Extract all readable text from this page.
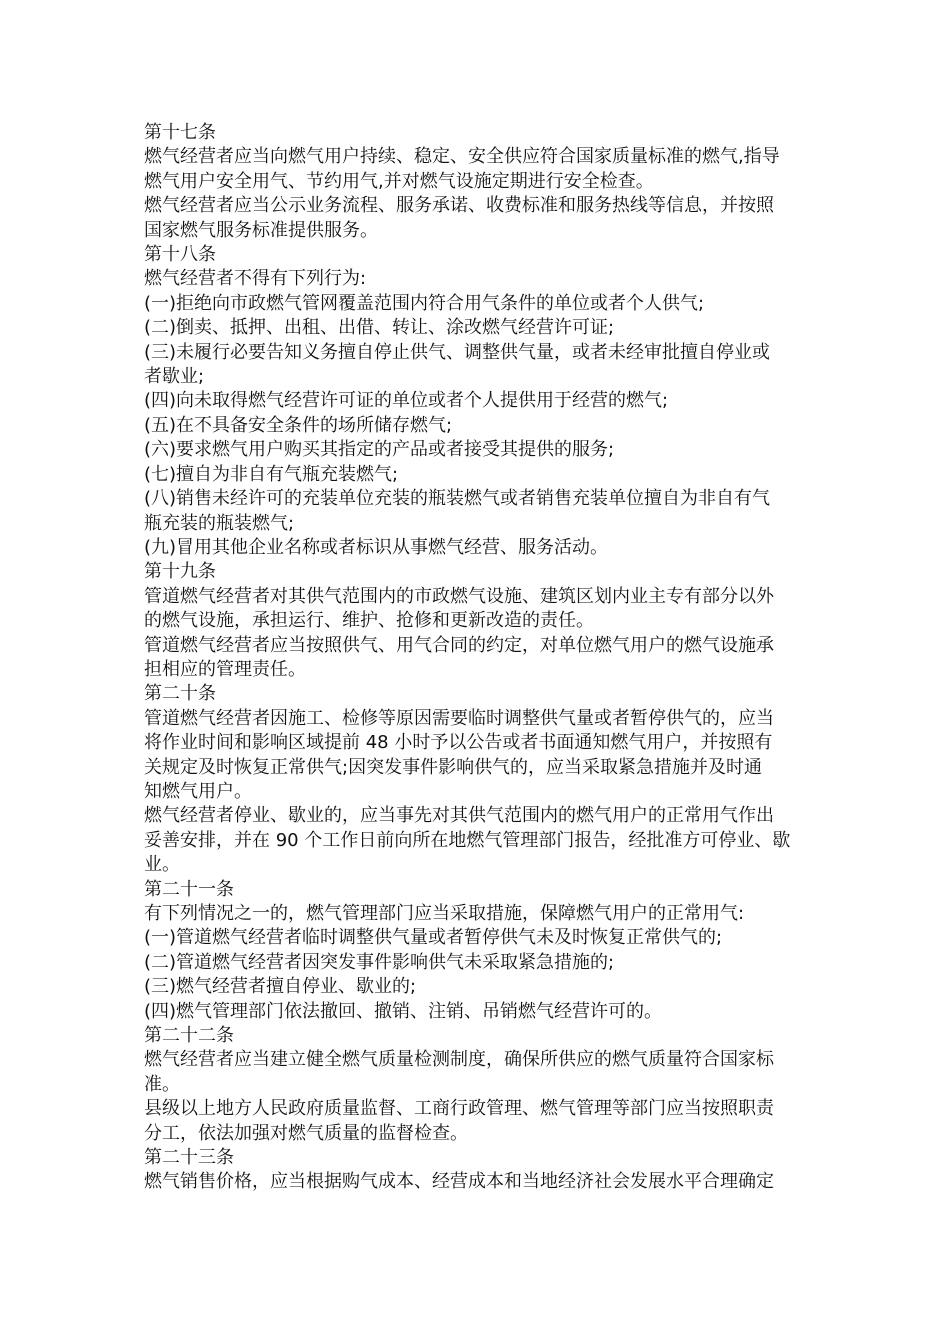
第十七条
燃气经营者应当向燃气用户持续、稳定、安全供应符合国家质量标准的燃气,指导
燃气用户安全用气、节约用气,并对燃气设施定期进行安全检查。
燃气经营者应当公示业务流程、服务承诺、收费标准和服务热线等信息，并按照
国家燃气服务标准提供服务。
第十八条
燃气经营者不得有下列行为:
(一)拒绝向市政燃气管网覆盖范围内符合用气条件的单位或者个人供气;
(二)倒卖、抵押、出租、出借、转让、涂改燃气经营许可证;
(三)未履行必要告知义务擅自停止供气、调整供气量，或者未经审批擅自停业或
者歇业;
(四)向未取得燃气经营许可证的单位或者个人提供用于经营的燃气;
(五)在不具备安全条件的场所储存燃气;
(六)要求燃气用户购买其指定的产品或者接受其提供的服务;
(七)擅自为非自有气瓶充装燃气;
(八)销售未经许可的充装单位充装的瓶装燃气或者销售充装单位擅自为非自有气
瓶充装的瓶装燃气;
(九)冒用其他企业名称或者标识从事燃气经营、服务活动。
第十九条
管道燃气经营者对其供气范围内的市政燃气设施、建筑区划内业主专有部分以外
的燃气设施，承担运行、维护、抢修和更新改造的责任。
管道燃气经营者应当按照供气、用气合同的约定，对单位燃气用户的燃气设施承
担相应的管理责任。
第二十条
管道燃气经营者因施工、检修等原因需要临时调整供气量或者暂停供气的，应当
将作业时间和影响区域提前 48 小时予以公告或者书面通知燃气用户，并按照有
关规定及时恢复正常供气;因突发事件影响供气的，应当采取紧急措施并及时通
知燃气用户。
燃气经营者停业、歇业的，应当事先对其供气范围内的燃气用户的正常用气作出
妥善安排，并在 90 个工作日前向所在地燃气管理部门报告，经批准方可停业、歇
业。
第二十一条
有下列情况之一的，燃气管理部门应当采取措施，保障燃气用户的正常用气:
(一)管道燃气经营者临时调整供气量或者暂停供气未及时恢复正常供气的;
(二)管道燃气经营者因突发事件影响供气未采取紧急措施的;
(三)燃气经营者擅自停业、歇业的;
(四)燃气管理部门依法撤回、撤销、注销、吊销燃气经营许可的。
第二十二条
燃气经营者应当建立健全燃气质量检测制度，确保所供应的燃气质量符合国家标
准。
县级以上地方人民政府质量监督、工商行政管理、燃气管理等部门应当按照职责
分工，依法加强对燃气质量的监督检查。
第二十三条
燃气销售价格，应当根据购气成本、经营成本和当地经济社会发展水平合理确定
